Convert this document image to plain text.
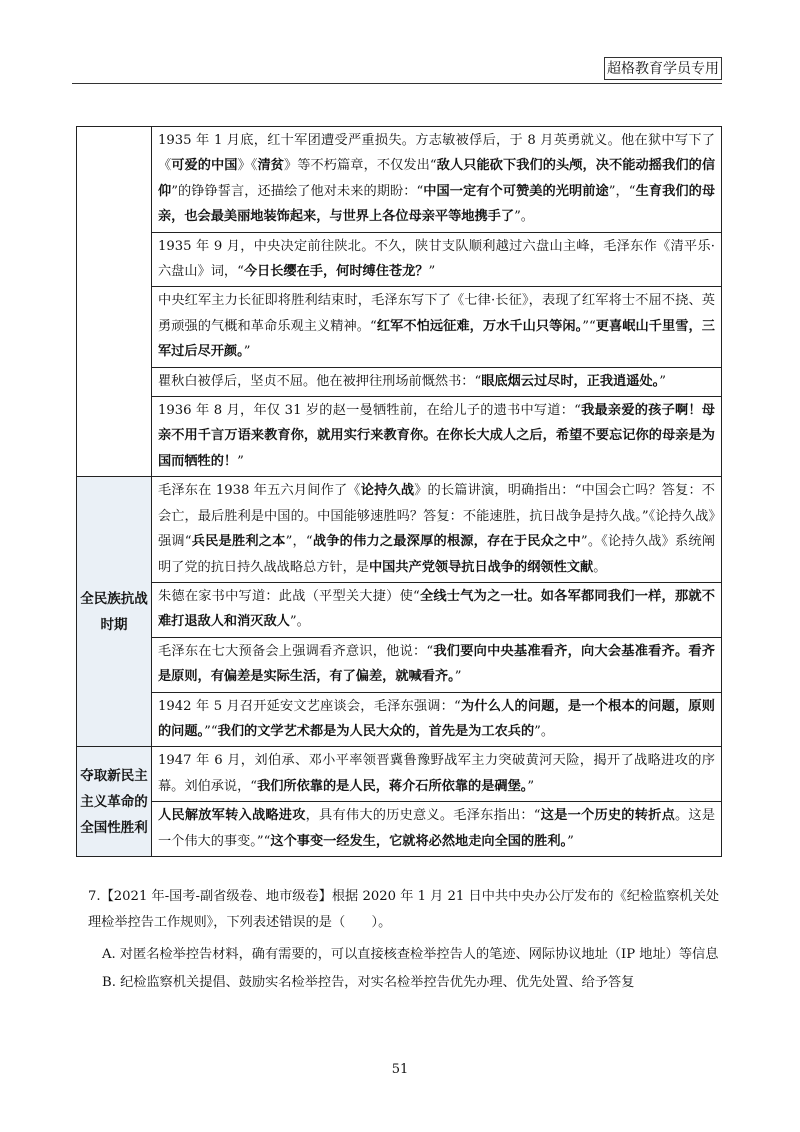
超格教育学员专用
	1935 年 1 月底，红十军团遭受严重损失。方志敏被俘后，于 8 月英勇就义。他在狱中写下了《可爱的中国》《清贫》等不朽篇章，不仅发出“敌人只能砍下我们的头颅，决不能动摇我们的信仰”的铮铮誓言，还描绘了他对未来的期盼：“中国一定有个可赞美的光明前途”，“生育我们的母亲，也会最美丽地装饰起来，与世界上各位母亲平等地携手了”。
	1935 年 9 月，中央决定前往陕北。不久，陕甘支队顺利越过六盘山主峰，毛泽东作《清平乐·六盘山》词，“今日长缨在手，何时缚住苍龙？”
	中央红军主力长征即将胜利结束时，毛泽东写下了《七律·长征》，表现了红军将士不屈不挠、英勇顽强的气概和革命乐观主义精神。“红军不怕远征难，万水千山只等闲。”“更喜岷山千里雪，三军过后尽开颜。”
	瞿秋白被俘后，坚贞不屈。他在被押往刑场前慨然书：“眼底烟云过尽时，正我逍遥处。”
	1936 年 8 月，年仅 31 岁的赵一曼牺牲前，在给儿子的遗书中写道：“我最亲爱的孩子啊！母亲不用千言万语来教育你，就用实行来教育你。在你长大成人之后，希望不要忘记你的母亲是为国而牺牲的！”
全民族抗战时期	毛泽东在 1938 年五六月间作了《论持久战》的长篇讲演，明确指出：“中国会亡吗？答复：不会亡，最后胜利是中国的。中国能够速胜吗？答复：不能速胜，抗日战争是持久战。”《论持久战》强调“兵民是胜利之本”，“战争的伟力之最深厚的根源，存在于民众之中”。《论持久战》系统阐明了党的抗日持久战战略总方针，是中国共产党领导抗日战争的纲领性文献。
	朱德在家书中写道：此战（平型关大捷）使“全线士气为之一壮。如各军都同我们一样，那就不难打退敌人和消灭敌人”。
	毛泽东在七大预备会上强调看齐意识，他说：“我们要向中央基准看齐，向大会基准看齐。看齐是原则，有偏差是实际生活，有了偏差，就喊看齐。”
	1942 年 5 月召开延安文艺座谈会，毛泽东强调：“为什么人的问题，是一个根本的问题，原则的问题。”“我们的文学艺术都是为人民大众的，首先是为工农兵的”。
夺取新民主主义革命的全国性胜利	1947 年 6 月，刘伯承、邓小平率领晋冀鲁豫野战军主力突破黄河天险，揭开了战略进攻的序幕。刘伯承说，“我们所依靠的是人民，蒋介石所依靠的是碉堡。”
	人民解放军转入战略进攻，具有伟大的历史意义。毛泽东指出：“这是一个历史的转折点。这是一个伟大的事变。”“这个事变一经发生，它就将必然地走向全国的胜利。”
7.【2021 年-国考-副省级卷、地市级卷】根据 2020 年 1 月 21 日中共中央办公厅发布的《纪检监察机关处理检举控告工作规则》，下列表述错误的是（　　）。
A. 对匿名检举控告材料，确有需要的，可以直接核查检举控告人的笔迹、网际协议地址（IP 地址）等信息
B. 纪检监察机关提倡、鼓励实名检举控告，对实名检举控告优先办理、优先处置、给予答复
51
